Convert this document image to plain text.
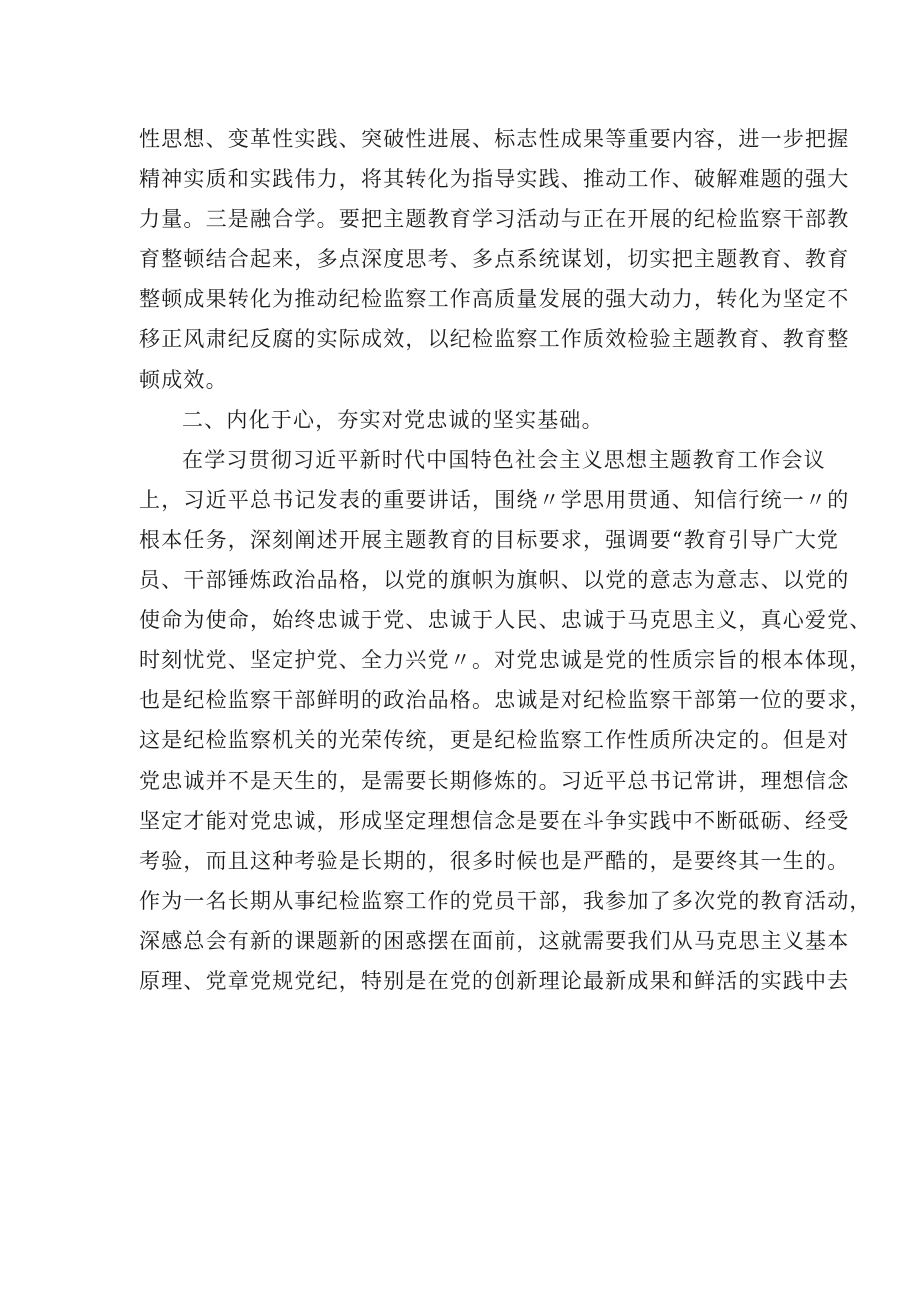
性思想、变革性实践、突破性进展、标志性成果等重要内容，进一步把握
精神实质和实践伟力，将其转化为指导实践、推动工作、破解难题的强大
力量。三是融合学。要把主题教育学习活动与正在开展的纪检监察干部教
育整顿结合起来，多点深度思考、多点系统谋划，切实把主题教育、教育
整顿成果转化为推动纪检监察工作高质量发展的强大动力，转化为坚定不
移正风肃纪反腐的实际成效，以纪检监察工作质效检验主题教育、教育整
顿成效。
二、内化于心，夯实对党忠诚的坚实基础。
在学习贯彻习近平新时代中国特色社会主义思想主题教育工作会议
上，习近平总书记发表的重要讲话，围绕〃学思用贯通、知信行统一〃的
根本任务，深刻阐述开展主题教育的目标要求，强调要“教育引导广大党
员、干部锤炼政治品格，以党的旗帜为旗帜、以党的意志为意志、以党的
使命为使命，始终忠诚于党、忠诚于人民、忠诚于马克思主义，真心爱党、
时刻忧党、坚定护党、全力兴党〃。对党忠诚是党的性质宗旨的根本体现，
也是纪检监察干部鲜明的政治品格。忠诚是对纪检监察干部第一位的要求，
这是纪检监察机关的光荣传统，更是纪检监察工作性质所决定的。但是对
党忠诚并不是天生的，是需要长期修炼的。习近平总书记常讲，理想信念
坚定才能对党忠诚，形成坚定理想信念是要在斗争实践中不断砥砺、经受
考验，而且这种考验是长期的，很多时候也是严酷的，是要终其一生的。
作为一名长期从事纪检监察工作的党员干部，我参加了多次党的教育活动，
深感总会有新的课题新的困惑摆在面前，这就需要我们从马克思主义基本
原理、党章党规党纪，特别是在党的创新理论最新成果和鲜活的实践中去
